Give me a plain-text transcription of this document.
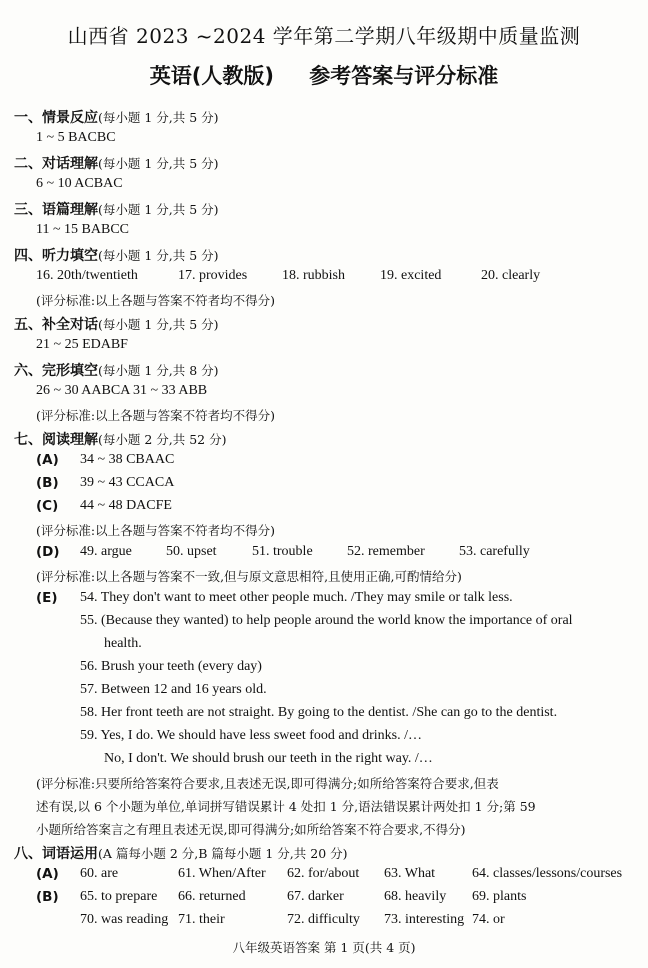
山西省 2023 ~2024 学年第二学期八年级期中质量监测
英语(人教版) 参考答案与评分标准
一、情景反应(每小题 1 分,共 5 分)
1 ~ 5 BACBC
二、对话理解(每小题 1 分,共 5 分)
6 ~ 10 ACBAC
三、语篇理解(每小题 1 分,共 5 分)
11 ~ 15 BABCC
四、听力填空(每小题 1 分,共 5 分)
16. 20th/twentieth	17. provides 18. rubbish	19. excited	20. clearly
(评分标准:以上各题与答案不符者均不得分)
五、补全对话(每小题 1 分,共 5 分)
21 ~ 25 EDABF
六、完形填空(每小题 1 分,共 8 分)
26 ~ 30 AABCA 31 ~ 33 ABB
(评分标准:以上各题与答案不符者均不得分)
七、阅读理解(每小题 2 分,共 52 分)
(A) 34 ~ 38 CBAAC
(B) 39 ~ 43 CCACA
(C) 44 ~ 48 DACFE
(评分标准:以上各题与答案不符者均不得分)
(D) 49. argue 50. upset	51. trouble 52. remember 53. carefully
(评分标准:以上各题与答案不一致,但与原文意思相符,且使用正确,可酌情给分)
(E) 54. They don't want to meet other people much. /They may smile or talk less.
55. (Because they wanted) to help people around the world know the importance of oral
health.
56. Brush your teeth (every day)
57. Between 12 and 16 years old.
58. Her front teeth are not straight. By going to the dentist. /She can go to the dentist.
59. Yes, I do. We should have less sweet food and drinks. /…
No, I don't. We should brush our teeth in the right way. /…
(评分标准:只要所给答案符合要求,且表述无误,即可得满分;如所给答案符合要求,但表
述有误,以 6 个小题为单位,单词拼写错误累计 4 处扣 1 分,语法错误累计两处扣 1 分;第 59
小题所给答案言之有理且表述无误,即可得满分;如所给答案不符合要求,不得分)
八、词语运用(A 篇每小题 2 分,B 篇每小题 1 分,共 20 分)
(A) 60. are	61. When/After 62. for/about 63. What	64. classes/lessons/courses
(B) 65. to prepare 66. returned	67. darker	68. heavily 69. plants
70. was reading 71. their	72. difficulty 73. interesting 74. or
八年级英语答案 第 1 页(共 4 页)
